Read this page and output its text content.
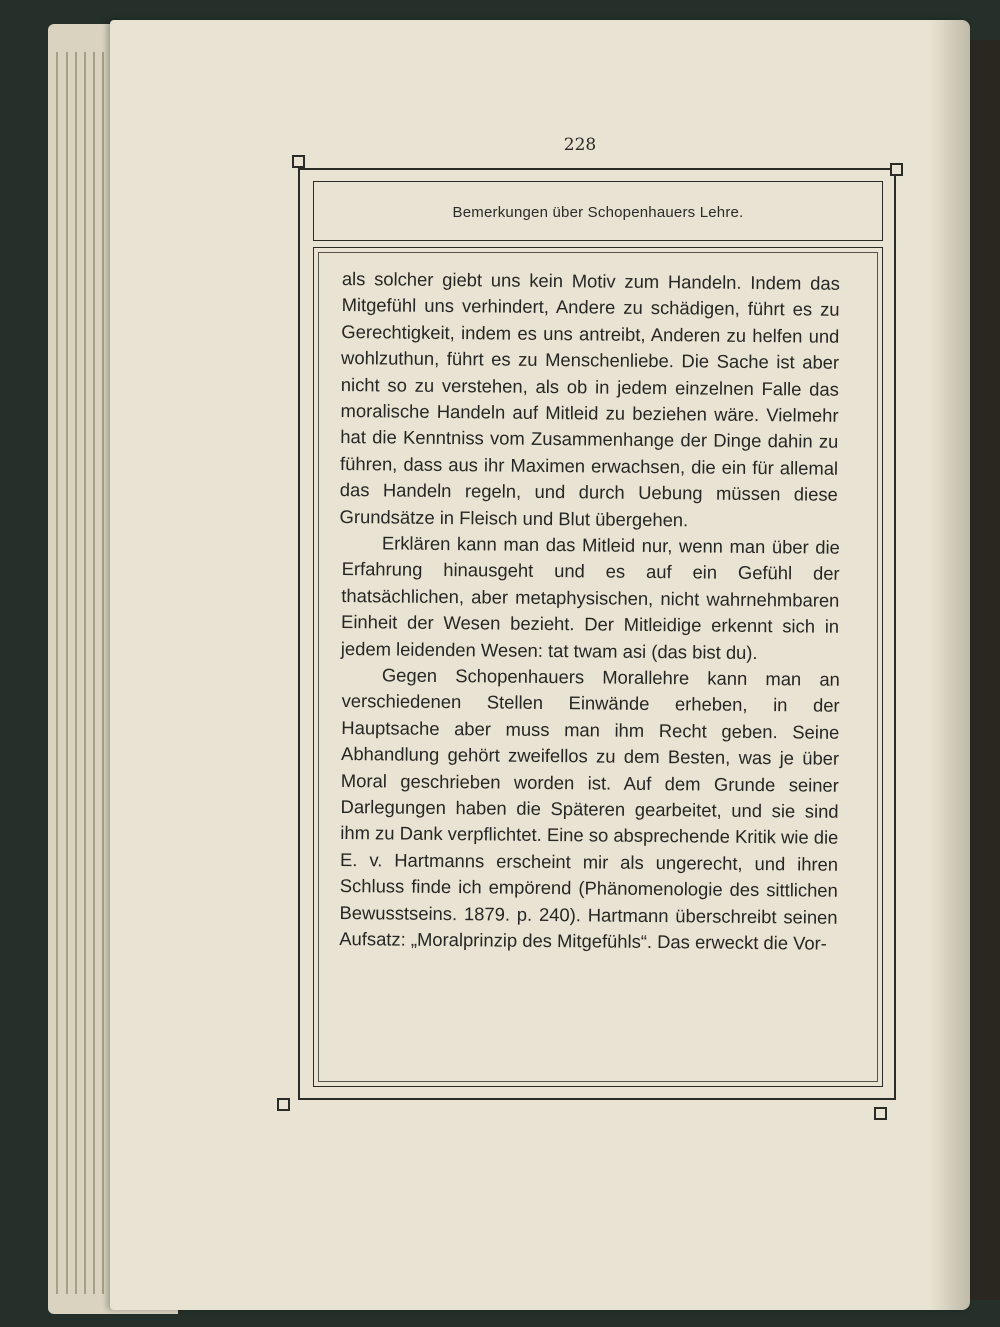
228
Bemerkungen über Schopenhauers Lehre.

als solcher giebt uns kein Motiv zum Handeln. Indem das Mitgefühl uns verhindert, Andere zu schädigen, führt es zu Gerechtigkeit, indem es uns antreibt, Anderen zu helfen und wohlzuthun, führt es zu Menschenliebe. Die Sache ist aber nicht so zu verstehen, als ob in jedem einzelnen Falle das moralische Handeln auf Mitleid zu beziehen wäre. Vielmehr hat die Kenntniss vom Zusammenhange der Dinge dahin zu führen, dass aus ihr Maximen erwachsen, die ein für allemal das Handeln regeln, und durch Uebung müssen diese Grundsätze in Fleisch und Blut übergehen.

Erklären kann man das Mitleid nur, wenn man über die Erfahrung hinausgeht und es auf ein Gefühl der thatsächlichen, aber metaphysischen, nicht wahrnehmbaren Einheit der Wesen bezieht. Der Mitleidige erkennt sich in jedem leidenden Wesen: tat twam asi (das bist du).

Gegen Schopenhauers Morallehre kann man an verschiedenen Stellen Einwände erheben, in der Hauptsache aber muss man ihm Recht geben. Seine Abhandlung gehört zweifellos zu dem Besten, was je über Moral geschrieben worden ist. Auf dem Grunde seiner Darlegungen haben die Späteren gearbeitet, und sie sind ihm zu Dank verpflichtet. Eine so absprechende Kritik wie die E. v. Hartmanns erscheint mir als ungerecht, und ihren Schluss finde ich empörend (Phänomenologie des sittlichen Bewusstseins. 1879. p. 240). Hartmann überschreibt seinen Aufsatz: „Moralprinzip des Mitgefühls“. Das erweckt die Vor-
